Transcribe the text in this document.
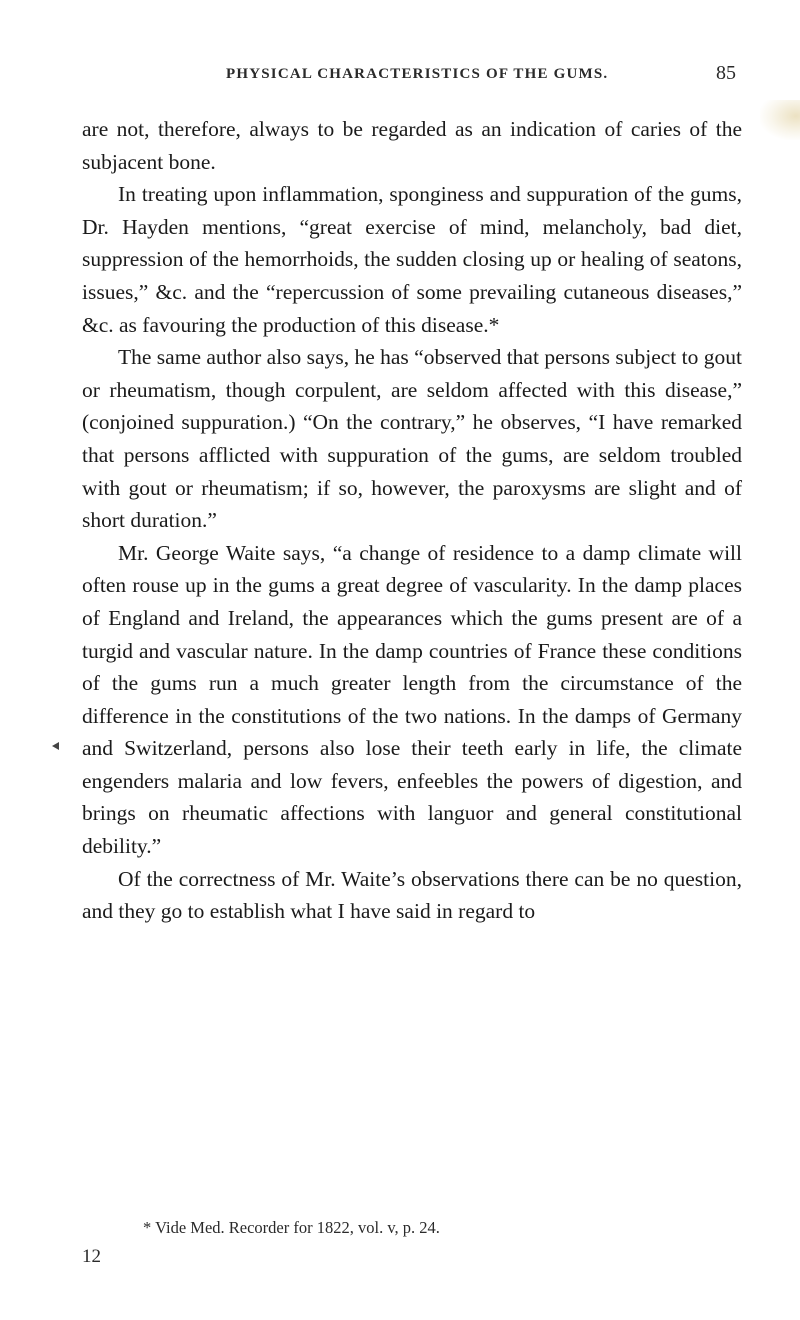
PHYSICAL CHARACTERISTICS OF THE GUMS.	85

are not, therefore, always to be regarded as an indication of caries of the subjacent bone.

In treating upon inflammation, sponginess and suppuration of the gums, Dr. Hayden mentions, “great exercise of mind, melancholy, bad diet, suppression of the hemorrhoids, the sudden closing up or healing of seatons, issues,” &c. and the “repercussion of some prevailing cutaneous diseases,” &c. as favouring the production of this disease.*

The same author also says, he has “observed that persons subject to gout or rheumatism, though corpulent, are seldom affected with this disease,” (conjoined suppuration.) “On the contrary,” he observes, “I have remarked that persons afflicted with suppuration of the gums, are seldom troubled with gout or rheumatism; if so, however, the paroxysms are slight and of short duration.”

Mr. George Waite says, “a change of residence to a damp climate will often rouse up in the gums a great degree of vascularity. In the damp places of England and Ireland, the appearances which the gums present are of a turgid and vascular nature. In the damp countries of France these conditions of the gums run a much greater length from the circumstance of the difference in the constitutions of the two nations. In the damps of Germany and Switzerland, persons also lose their teeth early in life, the climate engenders malaria and low fevers, enfeebles the powers of digestion, and brings on rheumatic affections with languor and general constitutional debility.”

Of the correctness of Mr. Waite’s observations there can be no question, and they go to establish what I have said in regard to

* Vide Med. Recorder for 1822, vol. v, p. 24.
12
